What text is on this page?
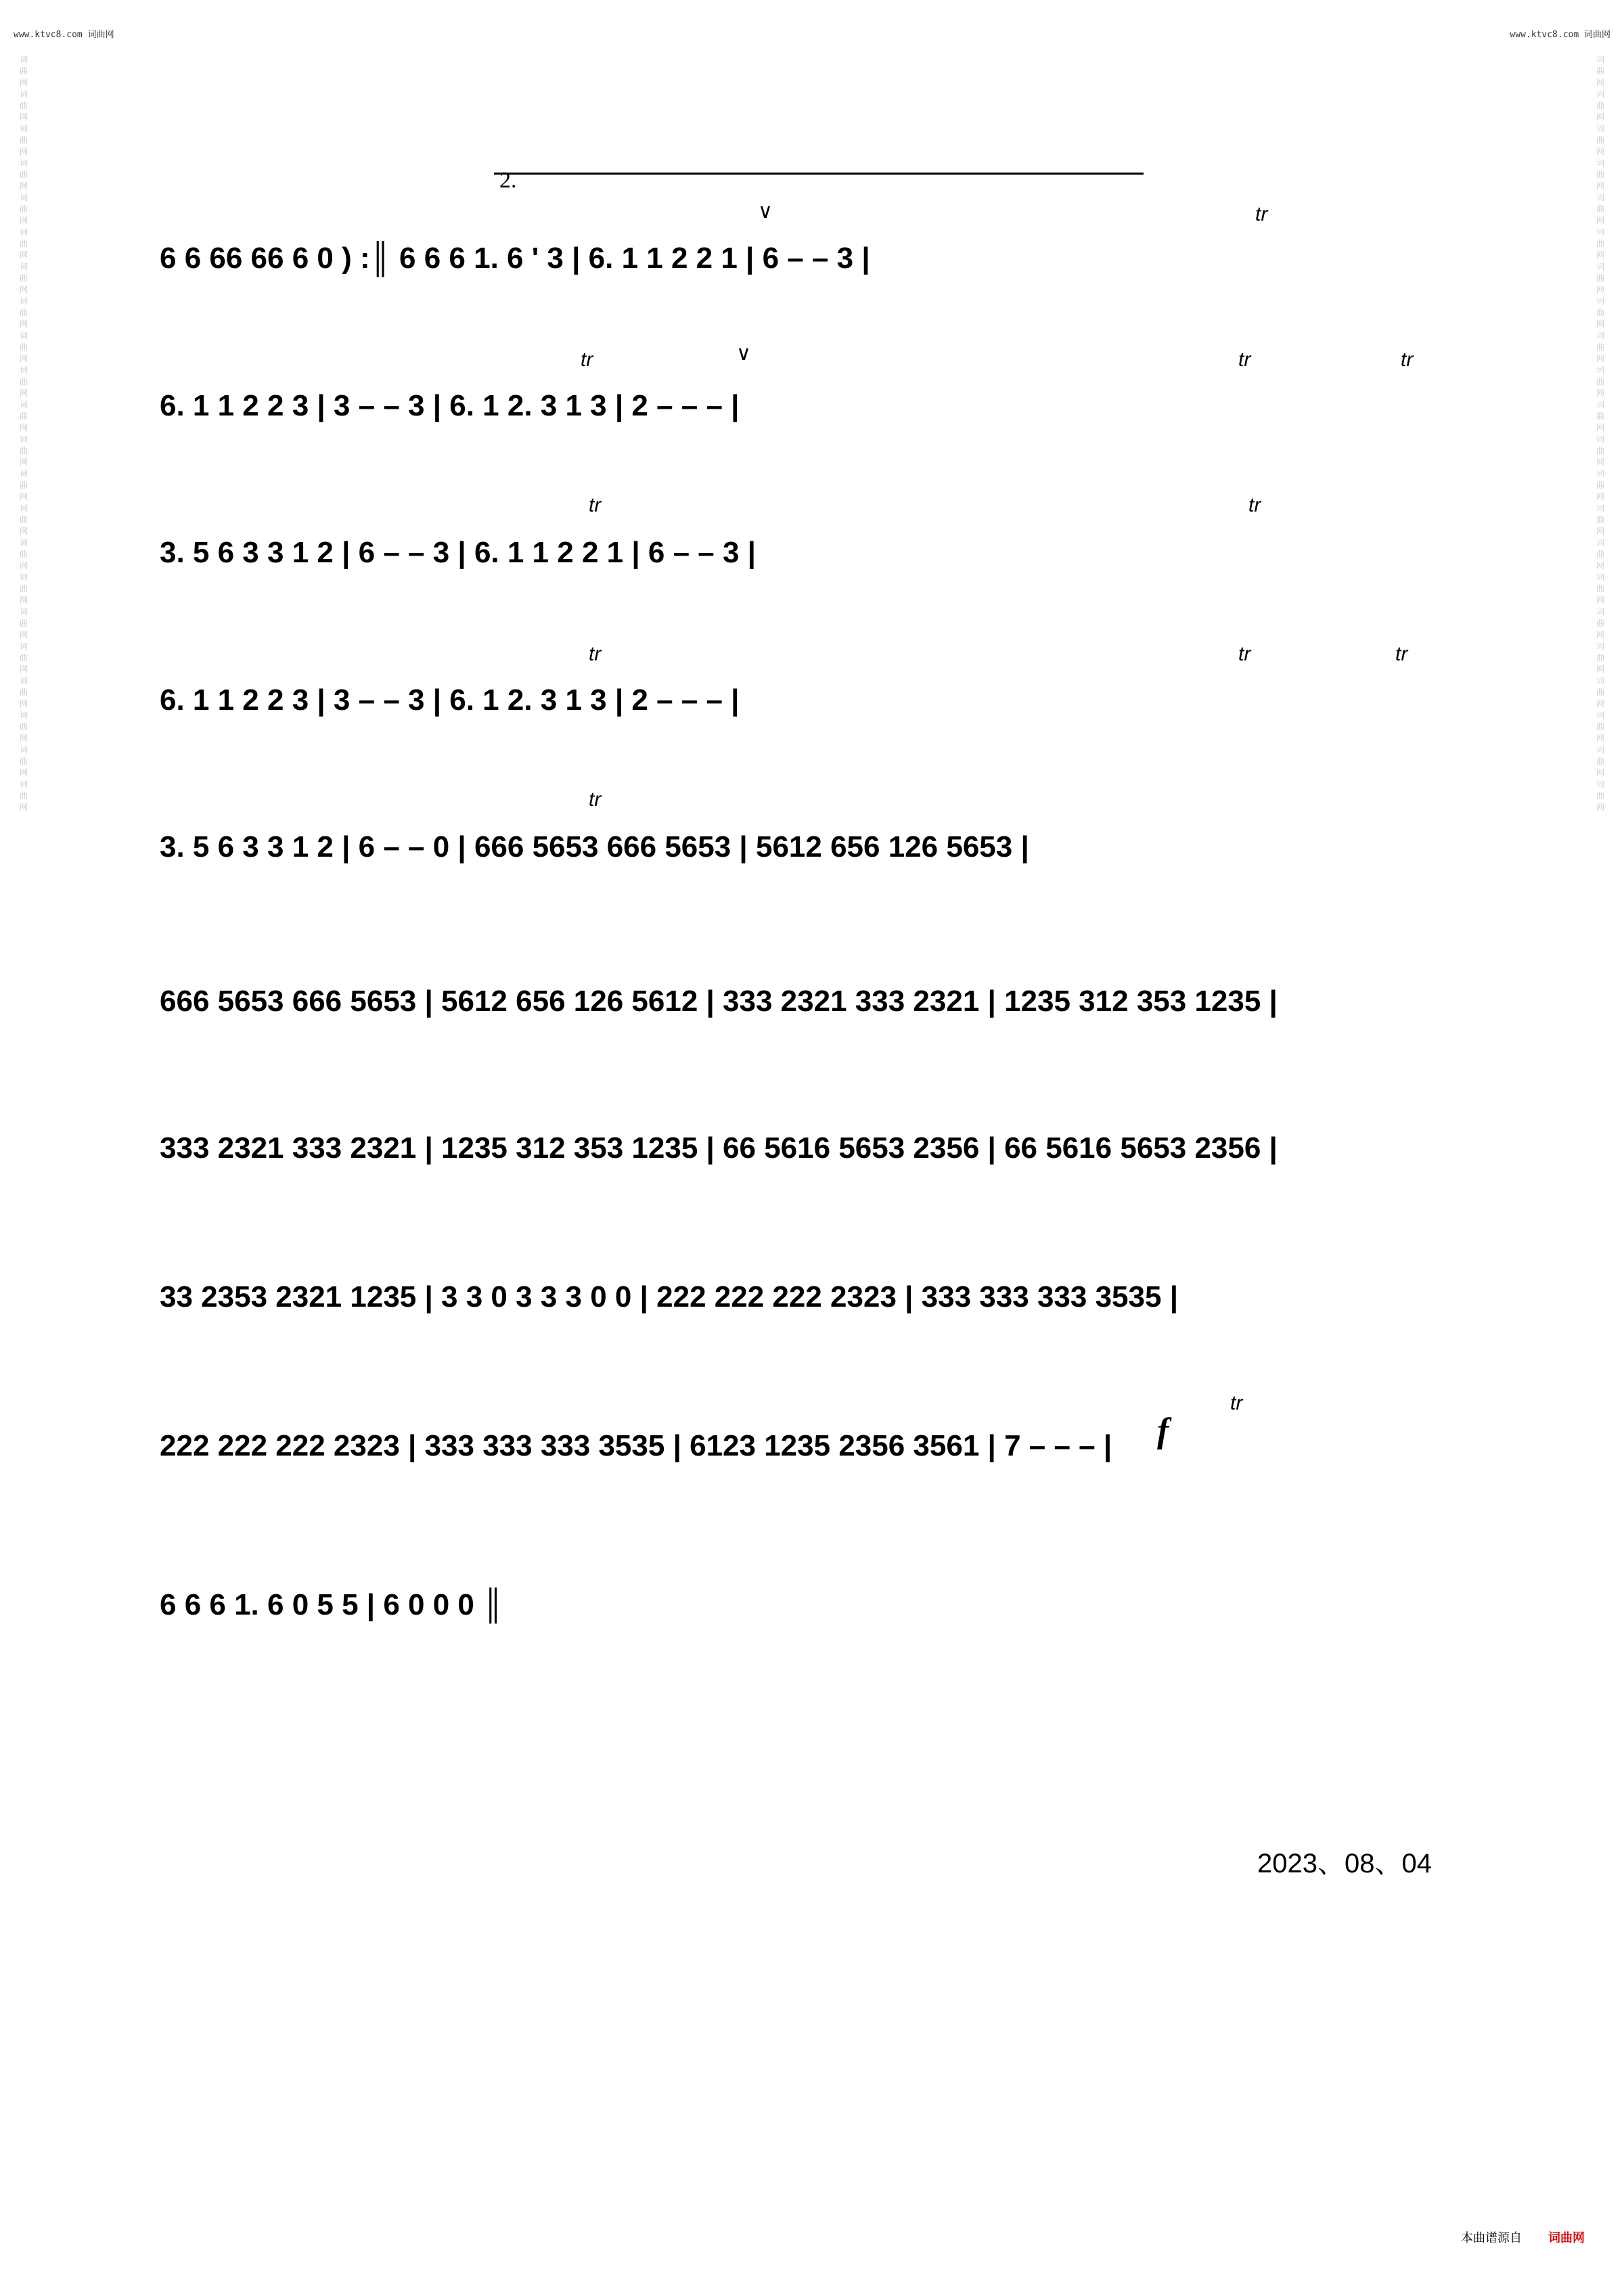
www.ktvc8.com 词曲网	www.ktvc8.com 词曲网
词曲网词曲网词曲网词曲网词曲网词曲网词曲网词曲网词曲网词曲网词曲网词曲网词曲网词曲网词曲网词曲网词曲网词曲网词曲网词曲网词曲网词曲网
词曲网词曲网词曲网词曲网词曲网词曲网词曲网词曲网词曲网词曲网词曲网词曲网词曲网词曲网词曲网词曲网词曲网词曲网词曲网词曲网词曲网词曲网
2.
6 6 66 66 6 0 ) :║ 6 6 6 1. 6 ' 3 | 6. 1 1 2 2 1 | 6 – – 3 |
6. 1 1 2 2 3 | 3 – – 3 | 6. 1 2. 3 1 3 | 2 – – – |
3. 5 6 3 3 1 2 | 6 – – 3 | 6. 1 1 2 2 1 | 6 – – 3 |
6. 1 1 2 2 3 | 3 – – 3 | 6. 1 2. 3 1 3 | 2 – – – |
3. 5 6 3 3 1 2 | 6 – – 0 | 666 5653 666 5653 | 5612 656 126 5653 |
666 5653 666 5653 | 5612 656 126 5612 | 333 2321 333 2321 | 1235 312 353 1235 |
333 2321 333 2321 | 1235 312 353 1235 | 66 5616 5653 2356 | 66 5616 5653 2356 |
33 2353 2321 1235 | 3 3 0 3 3 3 0 0 | 222 222 222 2323 | 333 333 333 3535 |
222 222 222 2323 | 333 333 333 3535 | 6123 1235 2356 3561 | 7 – – – |
6 6 6 1. 6 0 5 5 | 6 0 0 0 ║
tr
tr	tr	tr
tr	tr
tr	tr	tr
tr
tr
∨
∨
f
2023、08、04
本曲谱源自 词曲网
